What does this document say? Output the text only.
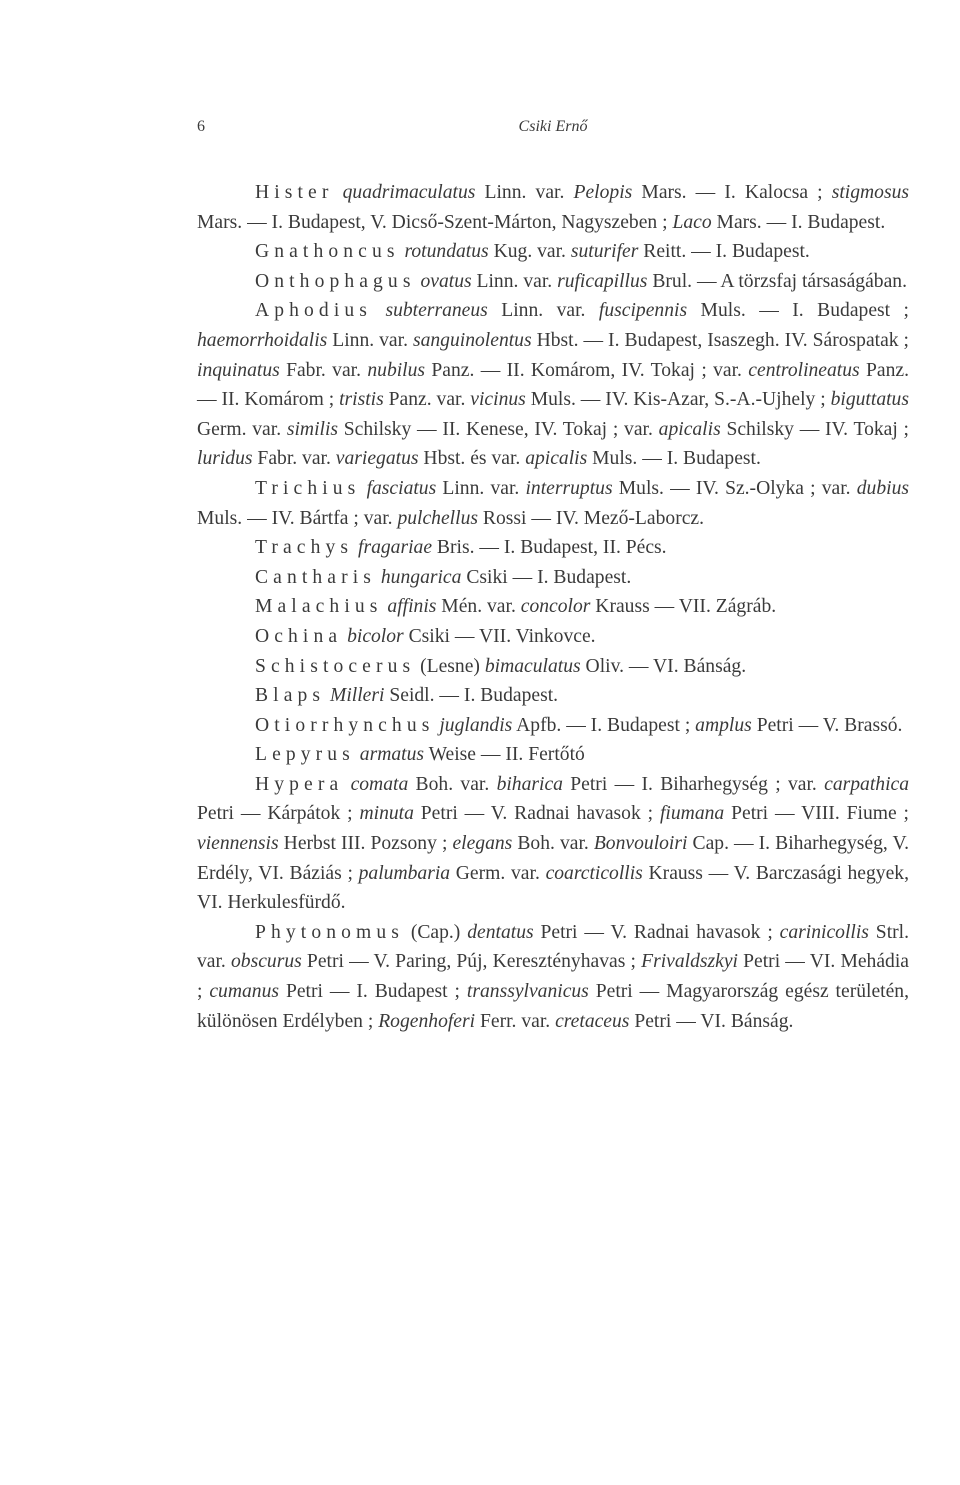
6	Csiki Ernő

Hister quadrimaculatus Linn. var. Pelopis Mars. — I. Kalocsa ; stigmosus Mars. — I. Budapest, V. Dicső-Szent-Márton, Nagyszeben ; Laco Mars. — I. Budapest.

Gnathoncus rotundatus Kug. var. suturifer Reitt. — I. Budapest.

Onthophagus ovatus Linn. var. ruficapillus Brul. — A törzsfaj társaságában.

Aphodius subterraneus Linn. var. fuscipennis Muls. — I. Budapest ; haemorrhoidalis Linn. var. sanguinolentus Hbst. — I. Budapest, Isaszegh. IV. Sárospatak ; inquinatus Fabr. var. nubilus Panz. — II. Komárom, IV. Tokaj ; var. centrolineatus Panz. — II. Komárom ; tristis Panz. var. vicinus Muls. — IV. Kis-Azar, S.-A.-Ujhely ; biguttatus Germ. var. similis Schilsky — II. Kenese, IV. Tokaj ; var. apicalis Schilsky — IV. Tokaj ; luridus Fabr. var. variegatus Hbst. és var. apicalis Muls. — I. Budapest.

Trichius fasciatus Linn. var. interruptus Muls. — IV. Sz.-Olyka ; var. dubius Muls. — IV. Bártfa ; var. pulchellus Rossi — IV. Mező-Laborcz.

Trachys fragariae Bris. — I. Budapest, II. Pécs.

Cantharis hungarica Csiki — I. Budapest.

Malachius affinis Mén. var. concolor Krauss — VII. Zágráb.

Ochina bicolor Csiki — VII. Vinkovce.

Schistocerus (Lesne) bimaculatus Oliv. — VI. Bánság.

Blaps Milleri Seidl. — I. Budapest.

Otiorrhynchus juglandis Apfb. — I. Budapest ; amplus Petri — V. Brassó.

Lepyrus armatus Weise — II. Fertőtó

Hypera comata Boh. var. biharica Petri — I. Biharhegység ; var. carpathica Petri — Kárpátok ; minuta Petri — V. Radnai havasok ; fiumana Petri — VIII. Fiume ; viennensis Herbst III. Pozsony ; elegans Boh. var. Bonvouloiri Cap. — I. Biharhegység, V. Erdély, VI. Báziás ; palumbaria Germ. var. coarcticollis Krauss — V. Barczasági hegyek, VI. Herkulesfürdő.

Phytonomus (Cap.) dentatus Petri — V. Radnai havasok ; carinicollis Strl. var. obscurus Petri — V. Paring, Púj, Keresztényhavas ; Frivaldszkyi Petri — VI. Mehádia ; cumanus Petri — I. Budapest ; transsylvanicus Petri — Magyarország egész területén, különösen Erdélyben ; Rogenhoferi Ferr. var. cretaceus Petri — VI. Bánság.
